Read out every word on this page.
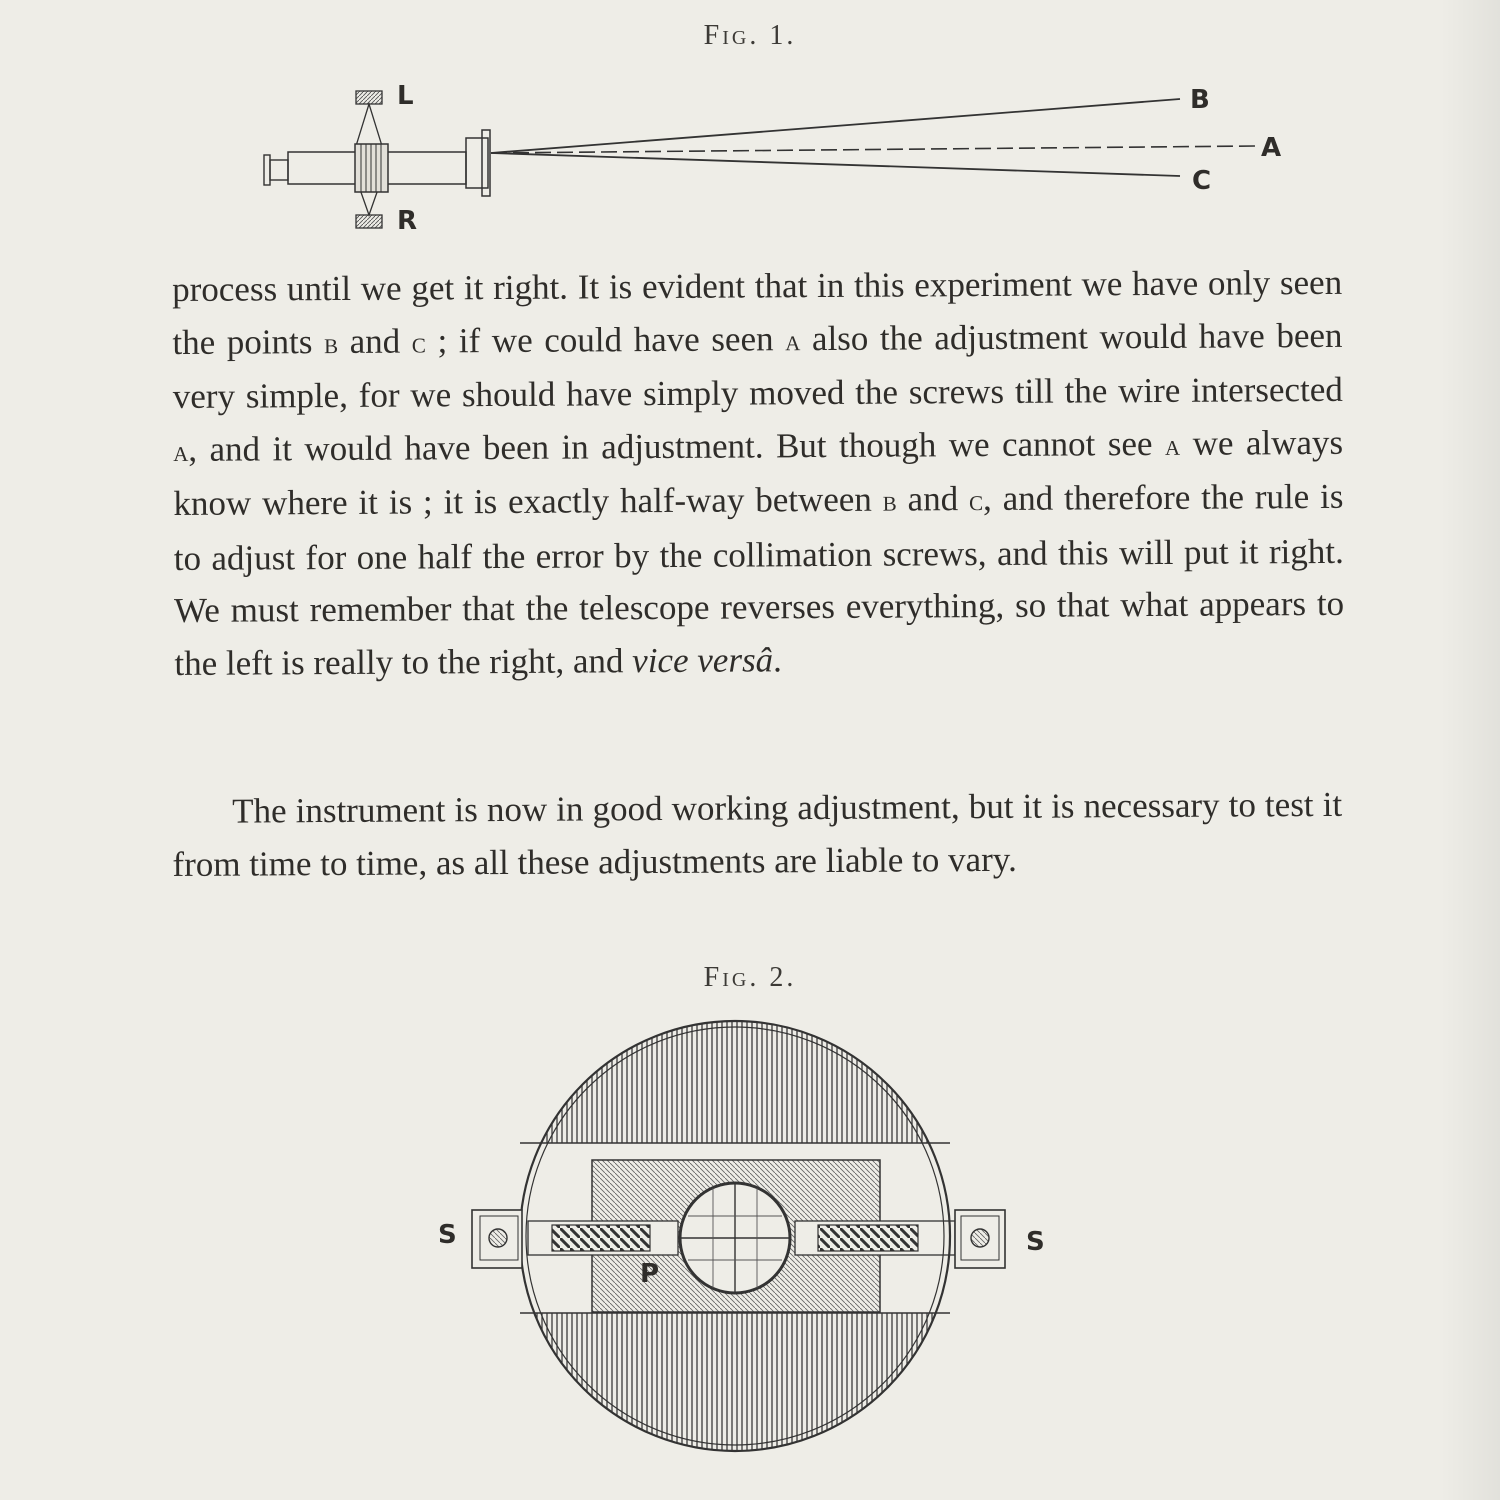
Fig. 1.
L
R
B
A
C
process until we get it right. It is evident that in this experiment we have only seen the points b and c ; if we could have seen a also the adjustment would have been very simple, for we should have simply moved the screws till the wire intersected a, and it would have been in adjustment. But though we cannot see a we always know where it is ; it is exactly half-way between b and c, and therefore the rule is to adjust for one half the error by the collimation screws, and this will put it right. We must remember that the telescope reverses everything, so that what appears to the left is really to the right, and vice versâ.
The instrument is now in good working adjustment, but it is necessary to test it from time to time, as all these adjustments are liable to vary.
Fig. 2.
S	S
P
